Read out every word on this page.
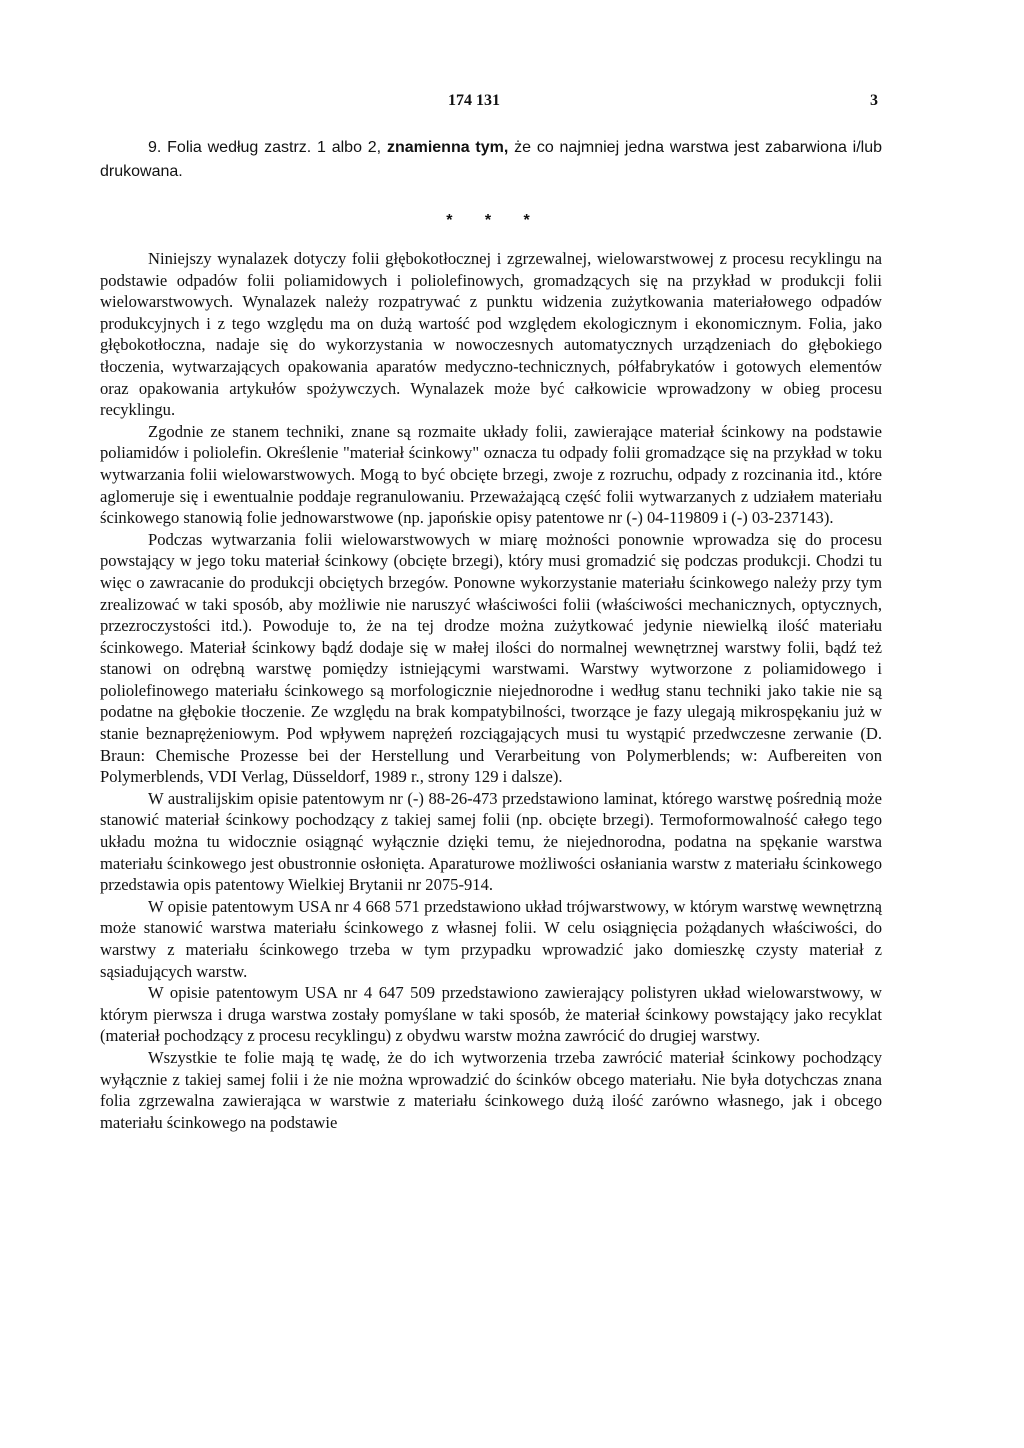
174 131	3
9. Folia według zastrz. 1 albo 2, znamienna tym, że co najmniej jedna warstwa jest zabarwiona i/lub drukowana.
* * *

Niniejszy wynalazek dotyczy folii głębokotłocznej i zgrzewalnej, wielowarstwowej z procesu recyklingu na podstawie odpadów folii poliamidowych i poliolefinowych, gromadzących się na przykład w produkcji folii wielowarstwowych. Wynalazek należy rozpatrywać z punktu widzenia zużytkowania materiałowego odpadów produkcyjnych i z tego względu ma on dużą wartość pod względem ekologicznym i ekonomicznym. Folia, jako głębokotłoczna, nadaje się do wykorzystania w nowoczesnych automatycznych urządzeniach do głębokiego tłoczenia, wytwarzających opakowania aparatów medyczno-technicznych, półfabrykatów i gotowych elementów oraz opakowania artykułów spożywczych. Wynalazek może być całkowicie wprowadzony w obieg procesu recyklingu.

Zgodnie ze stanem techniki, znane są rozmaite układy folii, zawierające materiał ścinkowy na podstawie poliamidów i poliolefin. Określenie "materiał ścinkowy" oznacza tu odpady folii gromadzące się na przykład w toku wytwarzania folii wielowarstwowych. Mogą to być obcięte brzegi, zwoje z rozruchu, odpady z rozcinania itd., które aglomeruje się i ewentualnie poddaje regranulowaniu. Przeważającą część folii wytwarzanych z udziałem materiału ścinkowego stanowią folie jednowarstwowe (np. japońskie opisy patentowe nr (-) 04-119809 i (-) 03-237143).

Podczas wytwarzania folii wielowarstwowych w miarę możności ponownie wprowadza się do procesu powstający w jego toku materiał ścinkowy (obcięte brzegi), który musi gromadzić się podczas produkcji. Chodzi tu więc o zawracanie do produkcji obciętych brzegów. Ponowne wykorzystanie materiału ścinkowego należy przy tym zrealizować w taki sposób, aby możliwie nie naruszyć właściwości folii (właściwości mechanicznych, optycznych, przezroczystości itd.). Powoduje to, że na tej drodze można zużytkować jedynie niewielką ilość materiału ścinkowego. Materiał ścinkowy bądź dodaje się w małej ilości do normalnej wewnętrznej warstwy folii, bądź też stanowi on odrębną warstwę pomiędzy istniejącymi warstwami. Warstwy wytworzone z poliamidowego i poliolefinowego materiału ścinkowego są morfologicznie niejednorodne i według stanu techniki jako takie nie są podatne na głębokie tłoczenie. Ze względu na brak kompatybilności, tworzące je fazy ulegają mikrospękaniu już w stanie beznaprężeniowym. Pod wpływem naprężeń rozciągających musi tu wystąpić przedwczesne zerwanie (D. Braun: Chemische Prozesse bei der Herstellung und Verarbeitung von Polymerblends; w: Aufbereiten von Polymerblends, VDI Verlag, Düsseldorf, 1989 r., strony 129 i dalsze).

W australijskim opisie patentowym nr (-) 88-26-473 przedstawiono laminat, którego warstwę pośrednią może stanowić materiał ścinkowy pochodzący z takiej samej folii (np. obcięte brzegi). Termoformowalność całego tego układu można tu widocznie osiągnąć wyłącznie dzięki temu, że niejednorodna, podatna na spękanie warstwa materiału ścinkowego jest obustronnie osłonięta. Aparaturowe możliwości osłaniania warstw z materiału ścinkowego przedstawia opis patentowy Wielkiej Brytanii nr 2075-914.

W opisie patentowym USA nr 4 668 571 przedstawiono układ trójwarstwowy, w którym warstwę wewnętrzną może stanowić warstwa materiału ścinkowego z własnej folii. W celu osiągnięcia pożądanych właściwości, do warstwy z materiału ścinkowego trzeba w tym przypadku wprowadzić jako domieszkę czysty materiał z sąsiadujących warstw.

W opisie patentowym USA nr 4 647 509 przedstawiono zawierający polistyren układ wielowarstwowy, w którym pierwsza i druga warstwa zostały pomyślane w taki sposób, że materiał ścinkowy powstający jako recyklat (materiał pochodzący z procesu recyklingu) z obydwu warstw można zawrócić do drugiej warstwy.

Wszystkie te folie mają tę wadę, że do ich wytworzenia trzeba zawrócić materiał ścinkowy pochodzący wyłącznie z takiej samej folii i że nie można wprowadzić do ścinków obcego materiału. Nie była dotychczas znana folia zgrzewalna zawierająca w warstwie z materiału ścinkowego dużą ilość zarówno własnego, jak i obcego materiału ścinkowego na podstawie
